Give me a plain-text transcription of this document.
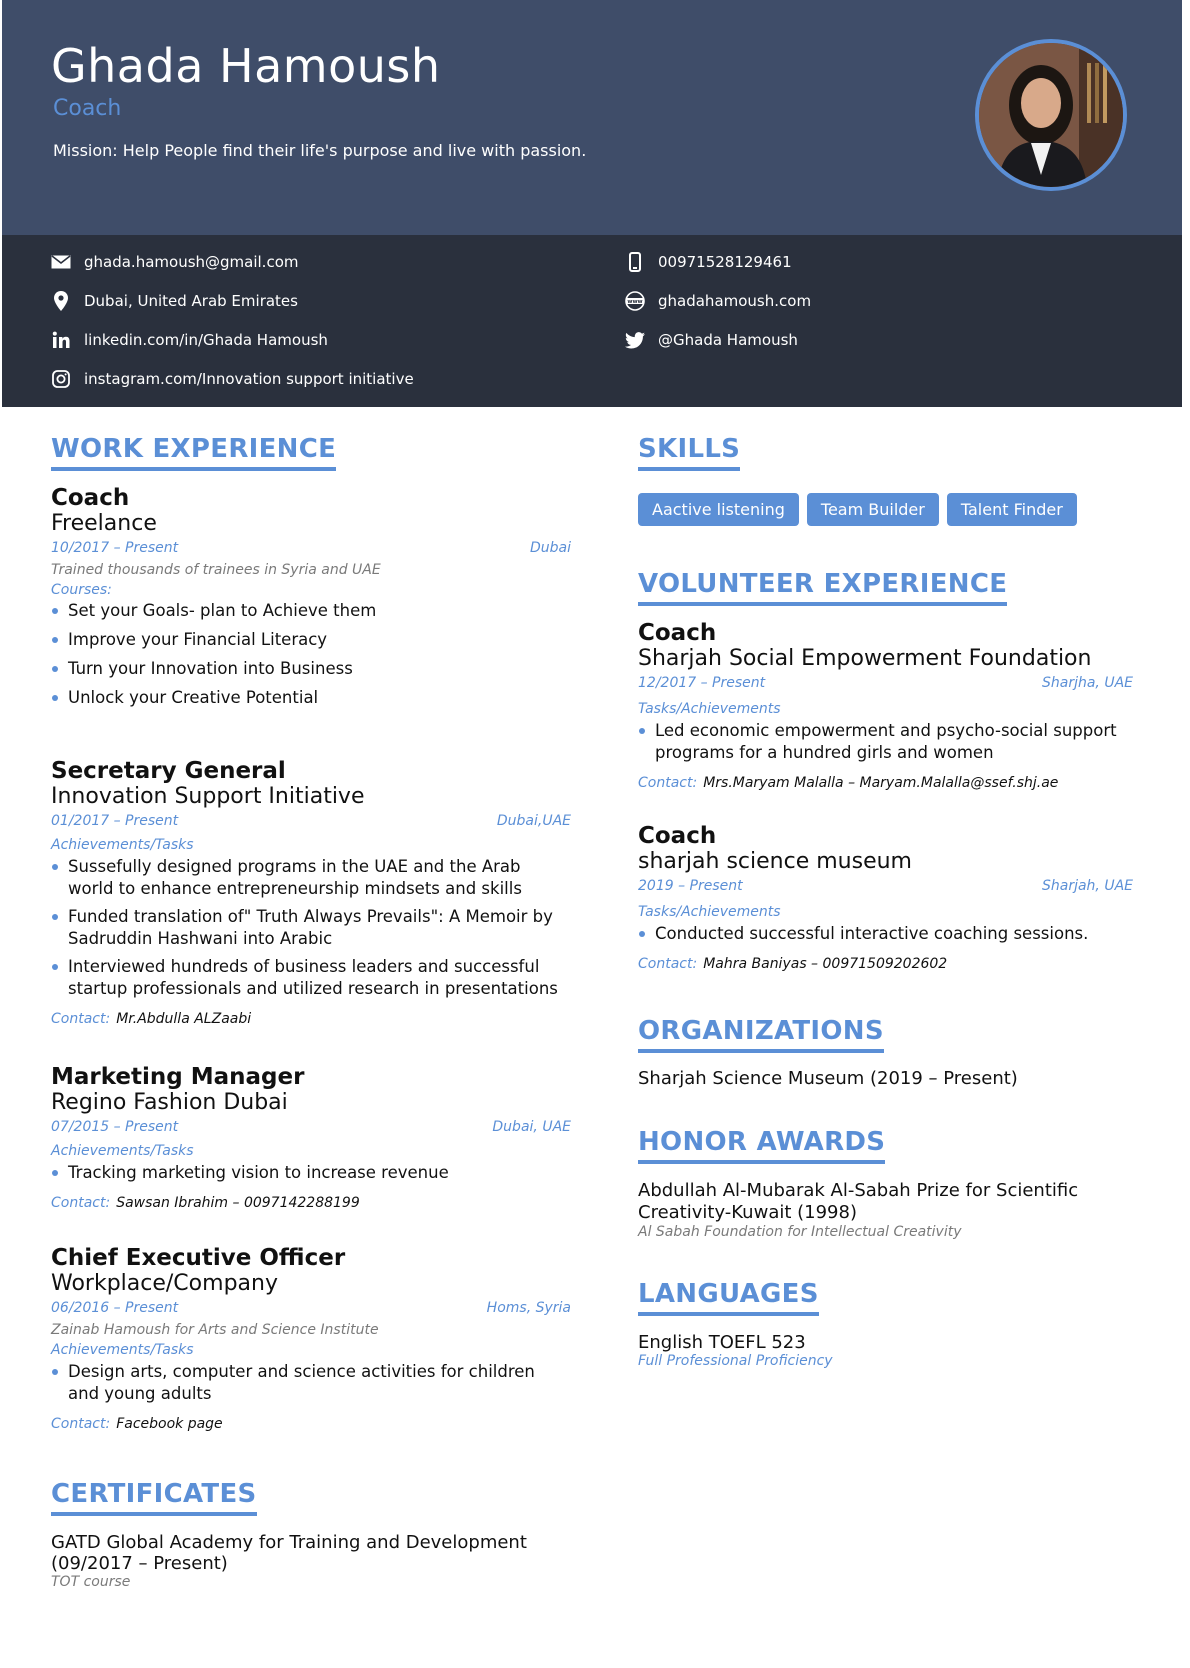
Ghada Hamoush
Coach
Mission: Help People find their life's purpose and live with passion.
ghada.hamoush@gmail.com	00971528129461
Dubai, United Arab Emirates	www ghadahamoush.com
linkedin.com/in/Ghada Hamoush	@Ghada Hamoush
instagram.com/Innovation support initiative
WORK EXPERIENCE
Coach
Freelance
10/2017 – Present	Dubai
Trained thousands of trainees in Syria and UAE
Courses:
Set your Goals- plan to Achieve them
Improve your Financial Literacy
Turn your Innovation into Business
Unlock your Creative Potential
Secretary General
Innovation Support Initiative
01/2017 – Present	Dubai,UAE
Achievements/Tasks
Sussefully designed programs in the UAE and the Arab world to enhance entrepreneurship mindsets and skills
Funded translation of" Truth Always Prevails": A Memoir by Sadruddin Hashwani into Arabic
Interviewed hundreds of business leaders and successful startup professionals and utilized research in presentations
Contact: Mr.Abdulla ALZaabi
Marketing Manager
Regino Fashion Dubai
07/2015 – Present	Dubai, UAE
Achievements/Tasks
Tracking marketing vision to increase revenue
Contact: Sawsan Ibrahim – 0097142288199
Chief Executive Officer
Workplace/Company
06/2016 – Present	Homs, Syria
Zainab Hamoush for Arts and Science Institute
Achievements/Tasks
Design arts, computer and science activities for children and young adults
Contact: Facebook page
CERTIFICATES
GATD Global Academy for Training and Development (09/2017 – Present)
TOT course
SKILLS
Aactive listening Team Builder Talent Finder
VOLUNTEER EXPERIENCE
Coach
Sharjah Social Empowerment Foundation
12/2017 – Present	Sharjha, UAE
Tasks/Achievements
Led economic empowerment and psycho-social support programs for a hundred girls and women
Contact: Mrs.Maryam Malalla – Maryam.Malalla@ssef.shj.ae
Coach
sharjah science museum
2019 – Present	Sharjah, UAE
Tasks/Achievements
Conducted successful interactive coaching sessions.
Contact: Mahra Baniyas – 00971509202602
ORGANIZATIONS
Sharjah Science Museum (2019 – Present)
HONOR AWARDS
Abdullah Al-Mubarak Al-Sabah Prize for Scientific Creativity-Kuwait (1998)
Al Sabah Foundation for Intellectual Creativity
LANGUAGES
English TOEFL 523
Full Professional Proficiency
